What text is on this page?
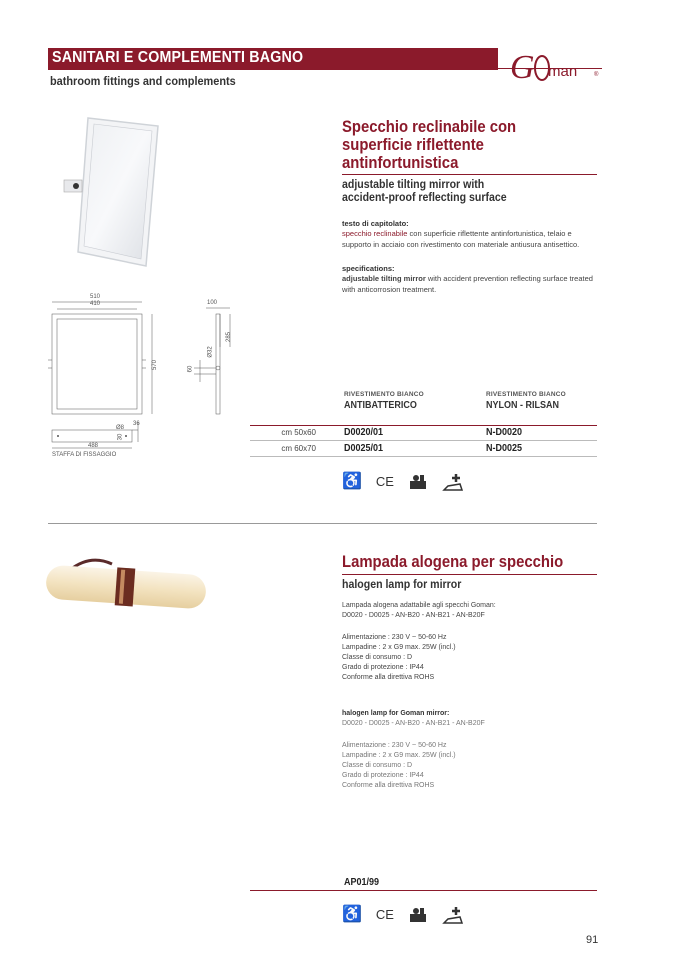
SANITARI E COMPLEMENTI BAGNO
bathroom fittings and complements	G man	®
Specchio reclinabile con superficie riflettente antinfortunistica
adjustable tilting mirror with
accident-proof reflecting surface
testo di capitolato:
specchio reclinabile con superficie riflettente antinfortunistica, telaio e supporto in acciaio con rivestimento con materiale antiusura antisettico.
specifications:
adjustable tilting mirror with accident prevention reflecting surface treated with anticorrosion treatment.
510
410	100
285
570
Ø32
60
Ø8
36
30
488
STAFFA DI FISSAGGIO
RIVESTIMENTO BIANCO
ANTIBATTERICO
RIVESTIMENTO BIANCO
NYLON - RILSAN
cm 50x60	D0020/01	N-D0020
cm 60x70	D0025/01	N-D0025
♿ CE
Lampada alogena per specchio
halogen lamp for mirror
Lampada alogena adattabile agli specchi Goman:
D0020 - D0025 - AN-B20 - AN-B21 - AN-B20F
Alimentazione : 230 V ~ 50-60 Hz
Lampadine : 2 x G9 max. 25W (incl.)
Classe di consumo : D
Grado di protezione : IP44
Conforme alla direttiva ROHS
halogen lamp for Goman mirror:
D0020 - D0025 - AN-B20 - AN-B21 - AN-B20F
Alimentazione : 230 V ~ 50-60 Hz
Lampadine : 2 x G9 max. 25W (incl.)
Classe di consumo : D
Grado di protezione : IP44
Conforme alla direttiva ROHS
AP01/99
♿ CE
91
